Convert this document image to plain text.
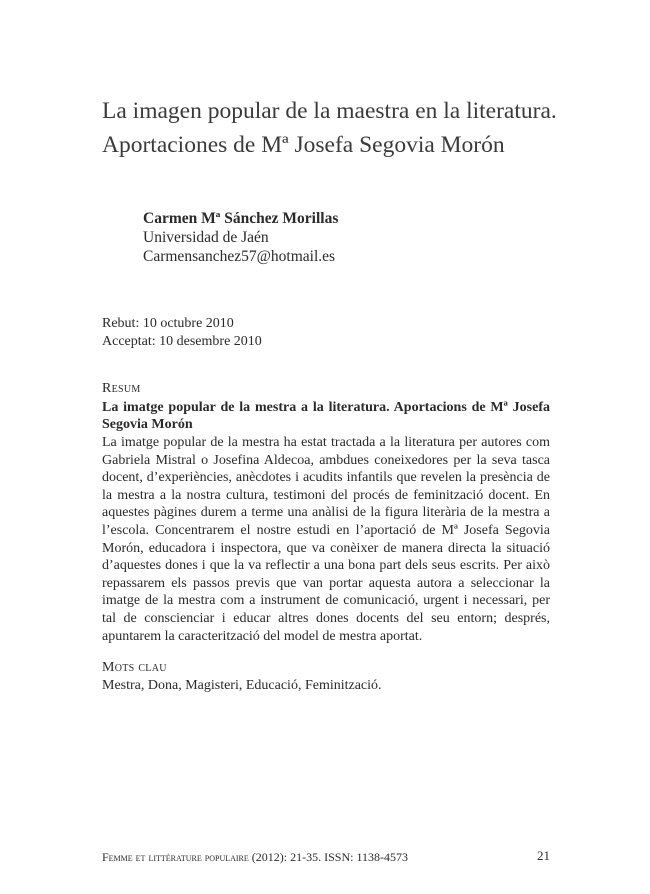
La imagen popular de la maestra en la literatura.
Aportaciones de Mª Josefa Segovia Morón
Carmen Mª Sánchez Morillas
Universidad de Jaén
Carmensanchez57@hotmail.es
Rebut: 10 octubre 2010
Acceptat: 10 desembre 2010
Resum
La imatge popular de la mestra a la literatura. Aportacions de Mª Josefa Segovia Morón

La imatge popular de la mestra ha estat tractada a la literatura per autores com Gabriela Mistral o Josefina Aldecoa, ambdues coneixedores per la seva tasca docent, d’experiències, anècdotes i acudits infantils que revelen la presència de la mestra a la nostra cultura, testimoni del procés de feminització docent. En aquestes pàgines durem a terme una anàlisi de la figura literària de la mestra a l’escola. Concentrarem el nostre estudi en l’aportació de Mª Josefa Segovia Morón, educadora i inspectora, que va conèixer de manera directa la situació d’aquestes dones i que la va reflectir a una bona part dels seus escrits. Per això repassarem els passos previs que van portar aquesta autora a seleccionar la imatge de la mestra com a instrument de comunicació, urgent i necessari, per tal de conscienciar i educar altres dones docents del seu entorn; després, apuntarem la caracterització del model de mestra aportat.

Mots clau
Mestra, Dona, Magisteri, Educació, Feminització.
Femme et littérature populaire (2012): 21-35. ISSN: 1138-4573	21
